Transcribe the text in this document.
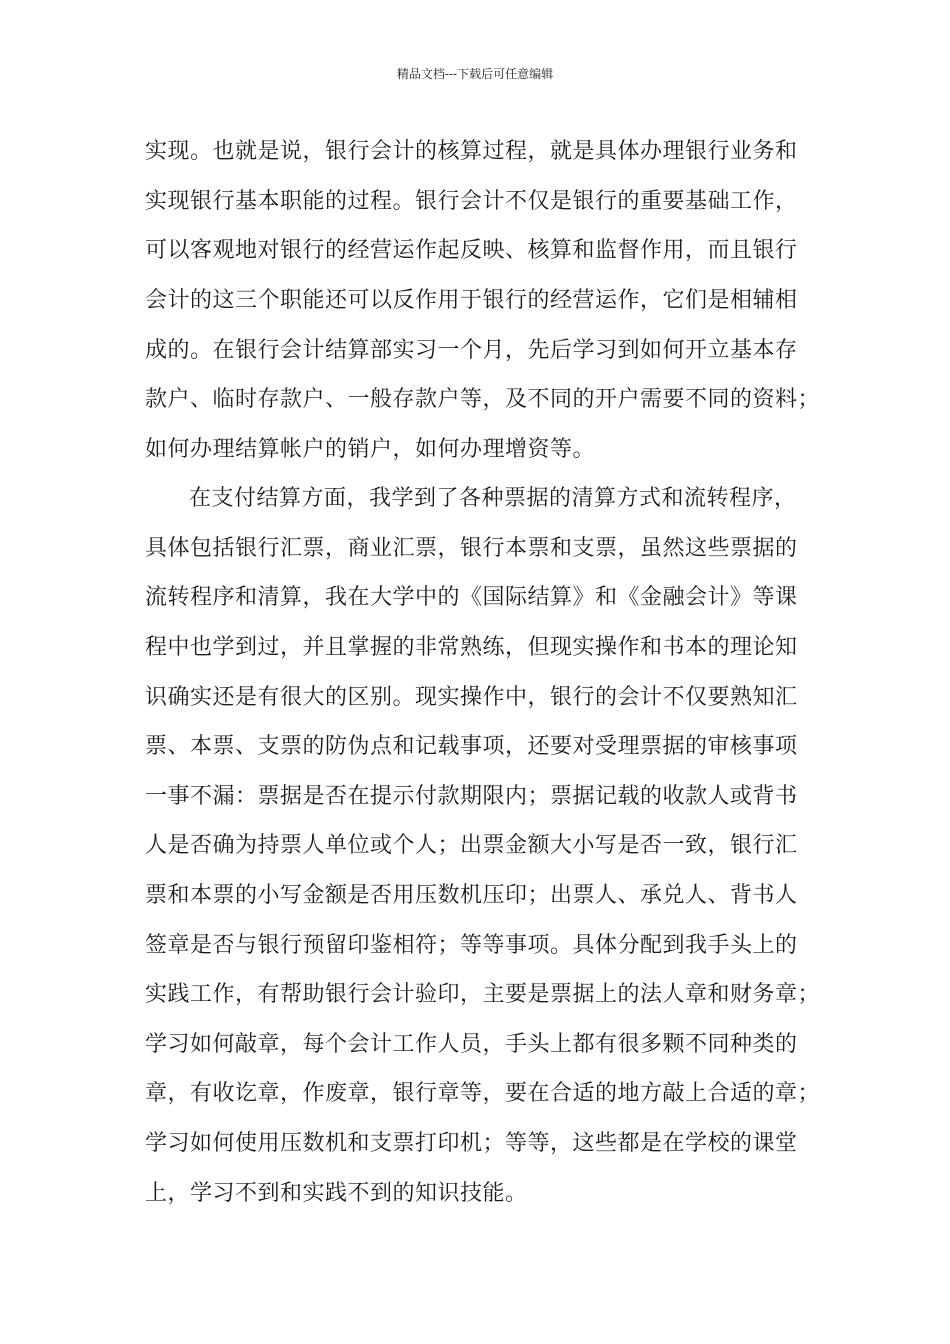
精品文档---下载后可任意编辑
实现。也就是说，银行会计的核算过程，就是具体办理银行业务和
实现银行基本职能的过程。银行会计不仅是银行的重要基础工作，
可以客观地对银行的经营运作起反映、核算和监督作用，而且银行
会计的这三个职能还可以反作用于银行的经营运作，它们是相辅相
成的。在银行会计结算部实习一个月，先后学习到如何开立基本存
款户、临时存款户、一般存款户等，及不同的开户需要不同的资料；
如何办理结算帐户的销户，如何办理增资等。
在支付结算方面，我学到了各种票据的清算方式和流转程序，
具体包括银行汇票，商业汇票，银行本票和支票，虽然这些票据的
流转程序和清算，我在大学中的《国际结算》和《金融会计》等课
程中也学到过，并且掌握的非常熟练，但现实操作和书本的理论知
识确实还是有很大的区别。现实操作中，银行的会计不仅要熟知汇
票、本票、支票的防伪点和记载事项，还要对受理票据的审核事项
一事不漏：票据是否在提示付款期限内；票据记载的收款人或背书
人是否确为持票人单位或个人；出票金额大小写是否一致，银行汇
票和本票的小写金额是否用压数机压印；出票人、承兑人、背书人
签章是否与银行预留印鉴相符；等等事项。具体分配到我手头上的
实践工作，有帮助银行会计验印，主要是票据上的法人章和财务章；
学习如何敲章，每个会计工作人员，手头上都有很多颗不同种类的
章，有收讫章，作废章，银行章等，要在合适的地方敲上合适的章；
学习如何使用压数机和支票打印机；等等，这些都是在学校的课堂
上，学习不到和实践不到的知识技能。
